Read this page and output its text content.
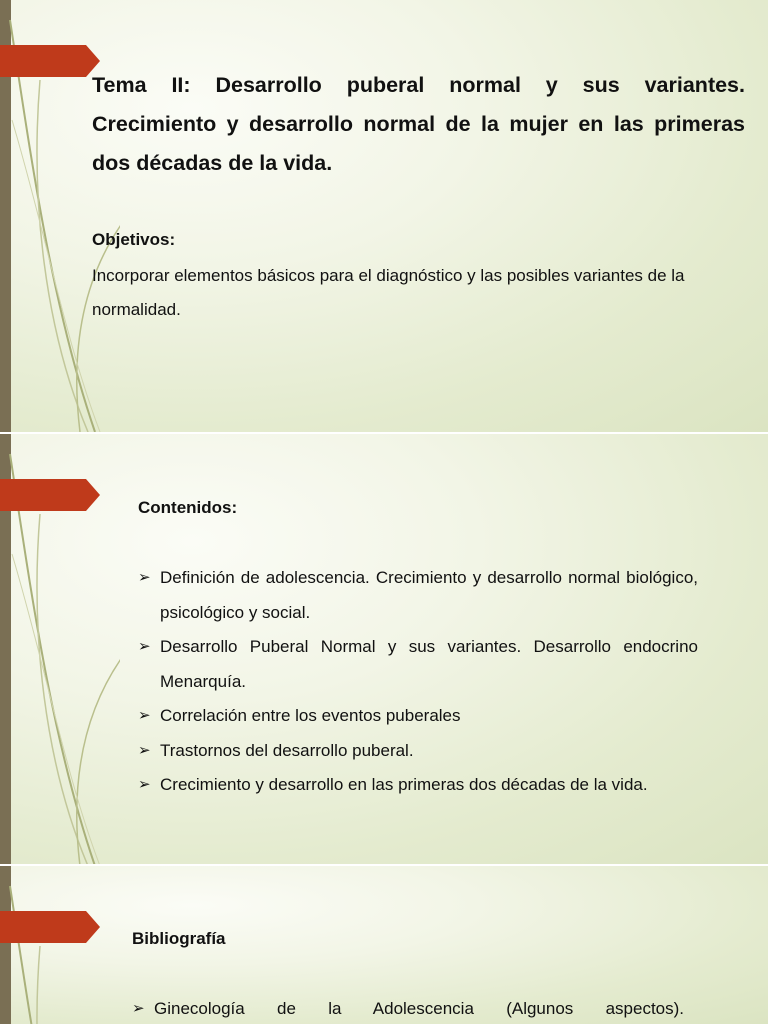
Tema II: Desarrollo puberal normal y sus variantes.
Crecimiento y desarrollo normal de la mujer en las primeras
dos décadas de la vida.
Objetivos:
Incorporar elementos básicos para el diagnóstico y las posibles variantes de la normalidad.
Contenidos:
➢ Definición de adolescencia. Crecimiento y desarrollo normal biológico, psicológico y social.
➢ Desarrollo Puberal Normal y sus variantes. Desarrollo endocrino Menarquía.
➢ Correlación entre los eventos puberales
➢ Trastornos del desarrollo puberal.
➢ Crecimiento y desarrollo en las primeras dos décadas de la vida.
Bibliografía
➢ Ginecología de la Adolescencia (Algunos aspectos).
